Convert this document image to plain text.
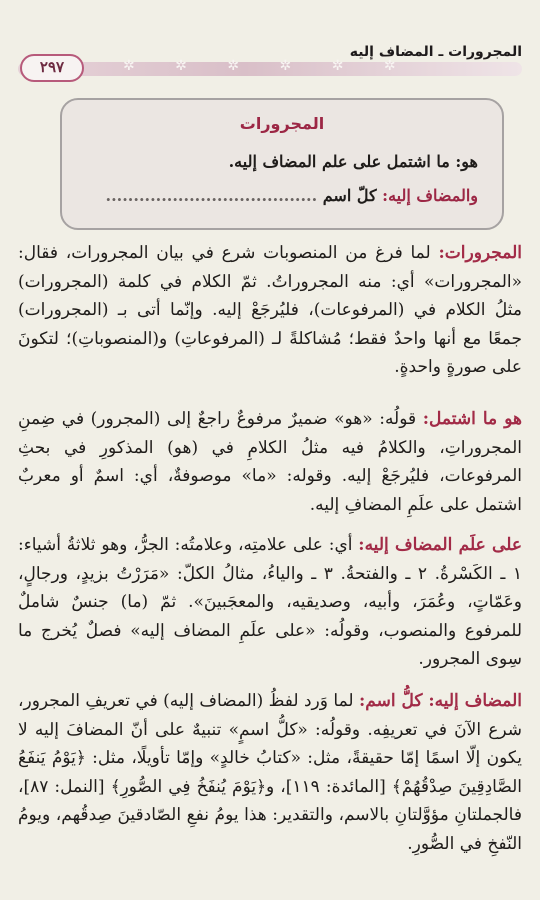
✲ ✲ ✲ ✲ ✲ ✲
المجرورات ـ المضاف إليه
٢٩٧
المجرورات
هو: ما اشتمل على علم المضاف إليه.
والمضاف إليه: كلّ اسم ......................................
المجرورات: لما فرغ من المنصوبات شرع في بيان المجرورات، فقال: «المجرورات» أي: منه المجروراتُ. ثمّ الكلام في كلمة (المجرورات) مثلُ الكلام في (المرفوعات)، فليُرجَعْ إليه. وإنّما أتى بـ (المجرورات) جمعًا مع أنها واحدٌ فقط؛ مُشاكلةً لـ (المرفوعاتِ) و(المنصوباتِ)؛ لتكونَ على صورةٍ واحدةٍ.
هو ما اشتمل: قولُه: «هو» ضميرٌ مرفوعٌ راجعٌ إلى (المجرور) في ضِمنِ المجروراتِ، والكلامُ فيه مثلُ الكلامِ في (هو) المذكورِ في بحثِ المرفوعات، فليُرجَعْ إليه. وقوله: «ما» موصوفةٌ، أي: اسمٌ أو معربٌ اشتمل على علَمِ المضافِ إليه.
على علَم المضاف إليه: أي: على علامتِه، وعلامتُه: الجرُّ، وهو ثلاثةُ أشياء: ١ ـ الكَسْرةُ. ٢ ـ والفتحةُ. ٣ ـ والياءُ، مثالُ الكلّ: «مَرَرْتُ بزيدٍ، ورجالٍ، وعَمّاتٍ، وعُمَرَ، وأبيه، وصديقيه، والمعجَبينَ». ثمّ (ما) جنسٌ شاملٌ للمرفوع والمنصوب، وقولُه: «على علَمِ المضاف إليه» فصلٌ يُخرج ما سِوى المجرور.
المضاف إليه: كلُّ اسم: لما وَرد لفظُ (المضاف إليه) في تعريفِ المجرور، شرع الآنَ في تعريفِه. وقولُه: «كلُّ اسمٍ» تنبيهٌ على أنّ المضافَ إليه لا يكون إلّا اسمًا إمّا حقيقةً، مثل: «كتابُ خالدٍ» وإمّا تأويلًا، مثل: ﴿يَوْمُ يَنفَعُ الصَّادِقِينَ صِدْقُهُمْ﴾ [المائدة: ١١٩]، و﴿يَوْمَ يُنفَخُ فِي الصُّورِ﴾ [النمل: ٨٧]، فالجملتانِ مؤوَّلتانِ بالاسم، والتقدير: هذا يومُ نفعِ الصّادقينَ صِدقُهم، ويومُ النّفخِ في الصُّورِ.
